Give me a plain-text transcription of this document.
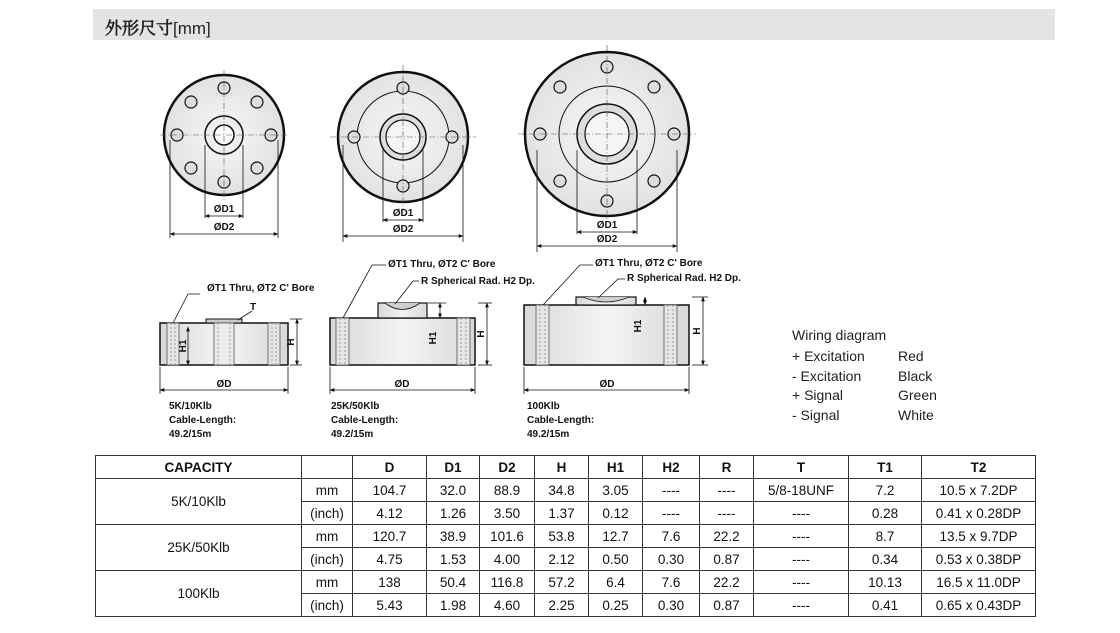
外形尺寸[mm]
ØD1
ØD2
ØD1
ØD2	ØD1
ØD2
ØT1 Thru, ØT2 C' Bore
T
H1	H
ØD
5K/10Klb
Cable-Length:
49.2/15m
ØT1 Thru, ØT2 C' Bore
R Spherical Rad. H2 Dp.
H1	H
ØD
25K/50Klb
Cable-Length:
49.2/15m
ØT1 Thru, ØT2 C' Bore
R Spherical Rad. H2 Dp.
H1	H
ØD
100Klb
Cable-Length:
49.2/15m
Wiring diagram
+ Excitation	Red
- Excitation	Black
+ Signal	Green
- Signal	White
CAPACITY		D	D1	D2	H	H1	H2	R	T	T1	T2
5K/10Klb	mm	104.7	32.0	88.9	34.8	3.05	----	----	5/8-18UNF	7.2	10.5 x 7.2DP
	(inch)	4.12	1.26	3.50	1.37	0.12	----	----	----	0.28	0.41 x 0.28DP
25K/50Klb	mm	120.7	38.9	101.6	53.8	12.7	7.6	22.2	----	8.7	13.5 x 9.7DP
	(inch)	4.75	1.53	4.00	2.12	0.50	0.30	0.87	----	0.34	0.53 x 0.38DP
100Klb	mm	138	50.4	116.8	57.2	6.4	7.6	22.2	----	10.13	16.5 x 11.0DP
	(inch)	5.43	1.98	4.60	2.25	0.25	0.30	0.87	----	0.41	0.65 x 0.43DP
